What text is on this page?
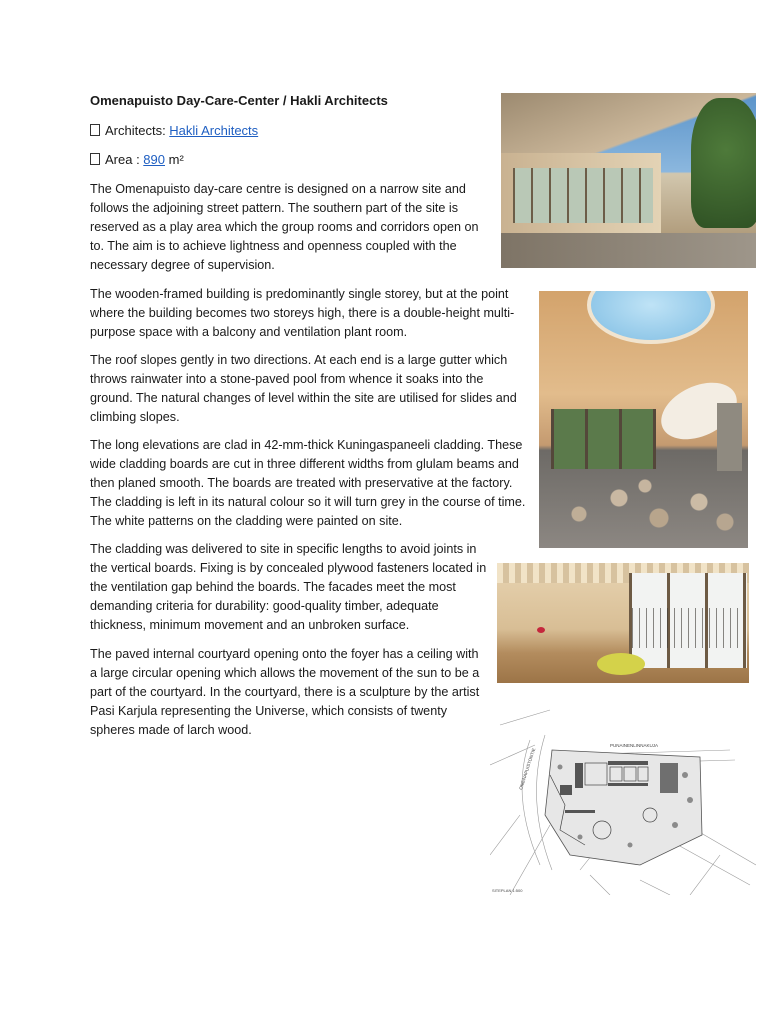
Omenapuisto Day-Care-Center / Hakli Architects
Architects: Hakli Architects
Area : 890 m²

The Omenapuisto day-care centre is designed on a narrow site and follows the adjoining street pattern. The southern part of the site is reserved as a play area which the group rooms and corridors open on to. The aim is to achieve lightness and openness coupled with the necessary degree of supervision.

The wooden-framed building is predominantly single storey, but at the point where the building becomes two storeys high, there is a double-height multi-purpose space with a balcony and ventilation plant room.

The roof slopes gently in two directions. At each end is a large gutter which throws rainwater into a stone-paved pool from whence it soaks into the ground. The natural changes of level within the site are utilised for slides and climbing slopes.

The long elevations are clad in 42-mm-thick Kuningaspaneeli cladding. These wide cladding boards are cut in three different widths from glulam beams and then planed smooth. The boards are treated with preservative at the factory. The cladding is left in its natural colour so it will turn grey in the course of time. The white patterns on the cladding were painted on site.

The cladding was delivered to site in specific lengths to avoid joints in the vertical boards. Fixing is by concealed plywood fasteners located in the ventilation gap behind the boards. The facades meet the most demanding criteria for durability: good-quality timber, adequate thickness, minimum movement and an unbroken surface.

The paved internal courtyard opening onto the foyer has a ceiling with a large circular opening which allows the movement of the sun to be a part of the courtyard. In the courtyard, there is a sculpture by the artist Pasi Karjula representing the Universe, which consists of twenty spheres made of larch wood.

PUNAINENLINNAKUJA
OMENAPUISTONTIE
SITEPLAN 1:500
